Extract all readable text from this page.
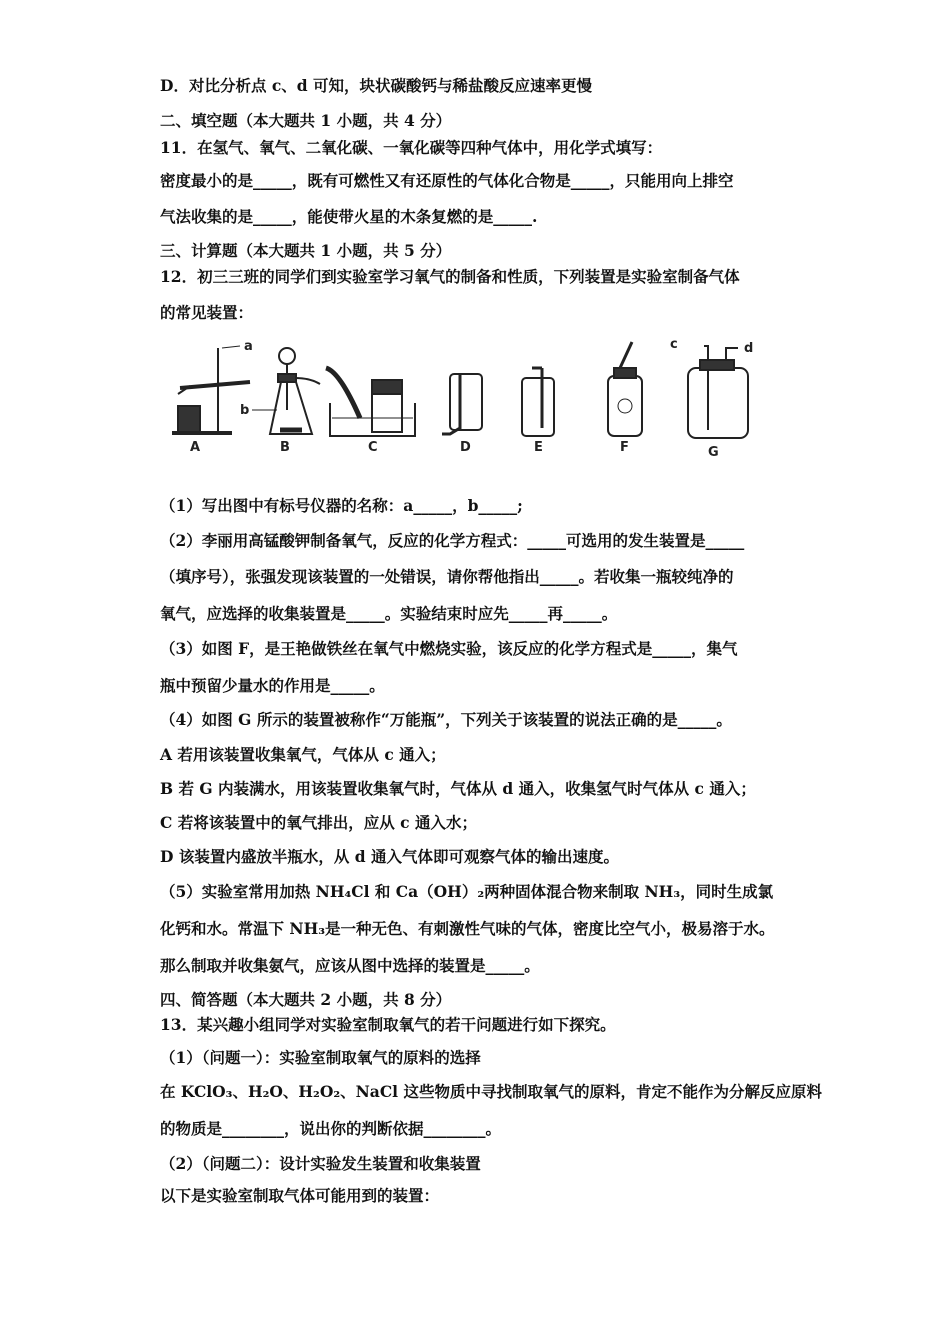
D．对比分析点 c、d 可知，块状碳酸钙与稀盐酸反应速率更慢
二、填空题（本大题共 1 小题，共 4 分）
11．在氢气、氧气、二氧化碳、一氧化碳等四种气体中，用化学式填写：
密度最小的是_____，既有可燃性又有还原性的气体化合物是_____，只能用向上排空
气法收集的是_____，能使带火星的木条复燃的是_____.
三、计算题（本大题共 1 小题，共 5 分）
12．初三三班的同学们到实验室学习氧气的制备和性质，下列装置是实验室制备气体
的常见装置：
（1）写出图中有标号仪器的名称：a_____，b_____;
（2）李丽用高锰酸钾制备氧气，反应的化学方程式：_____可选用的发生装置是_____
（填序号），张强发现该装置的一处错误，请你帮他指出_____。若收集一瓶较纯净的
氧气，应选择的收集装置是_____。实验结束时应先_____再_____。
（3）如图 F，是王艳做铁丝在氧气中燃烧实验，该反应的化学方程式是_____，集气
瓶中预留少量水的作用是_____。
（4）如图 G 所示的装置被称作“万能瓶”，下列关于该装置的说法正确的是_____。
A 若用该装置收集氧气，气体从 c 通入；
B 若 G 内装满水，用该装置收集氧气时，气体从 d 通入，收集氢气时气体从 c 通入；
C 若将该装置中的氧气排出，应从 c 通入水；
D 该装置内盛放半瓶水，从 d 通入气体即可观察气体的输出速度。
（5）实验室常用加热 NH₄Cl 和 Ca（OH）₂两种固体混合物来制取 NH₃，同时生成氯
化钙和水。常温下 NH₃是一种无色、有刺激性气味的气体，密度比空气小，极易溶于水。
那么制取并收集氨气，应该从图中选择的装置是_____。
四、简答题（本大题共 2 小题，共 8 分）
13．某兴趣小组同学对实验室制取氧气的若干问题进行如下探究。
（1）（问题一）：实验室制取氧气的原料的选择
在 KClO₃、H₂O、H₂O₂、NaCl 这些物质中寻找制取氧气的原料，肯定不能作为分解反应原料
的物质是________，说出你的判断依据________。
（2）（问题二）：设计实验发生装置和收集装置
以下是实验室制取气体可能用到的装置：
A	B	C	D	E	F	G
a
b
c	d
